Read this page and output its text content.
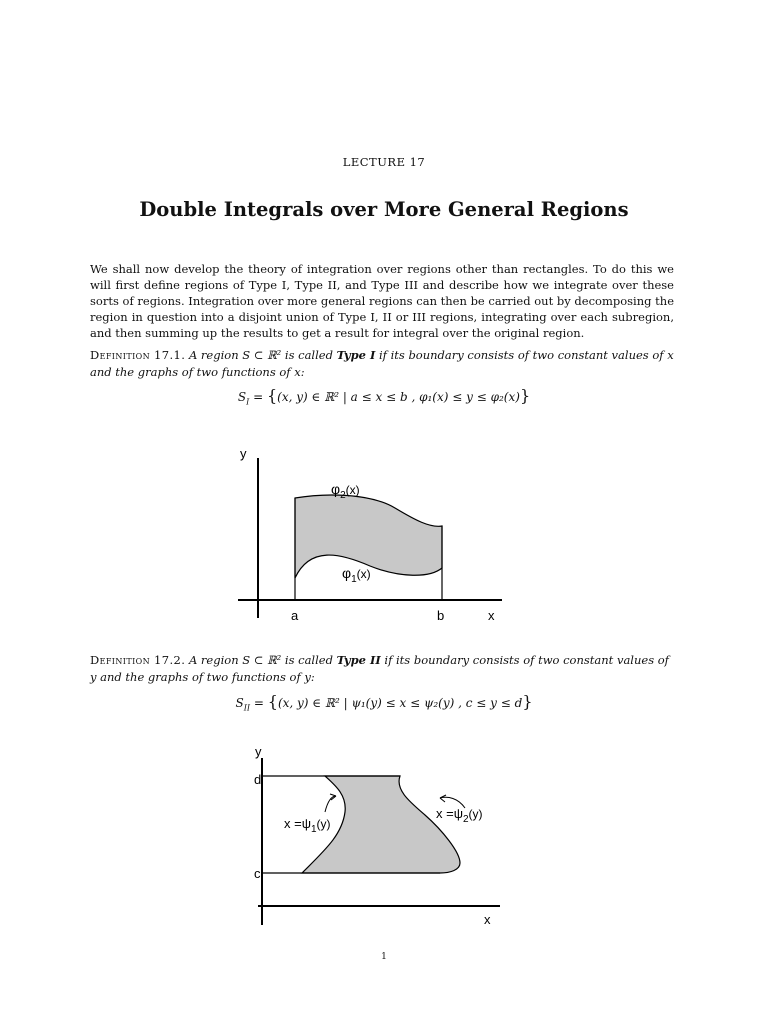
LECTURE 17
Double Integrals over More General Regions
We shall now develop the theory of integration over regions other than rectangles. To do this we will first define regions of Type I, Type II, and Type III and describe how we integrate over these sorts of regions. Integration over more general regions can then be carried out by decomposing the region in question into a disjoint union of Type I, II or III regions, integrating over each subregion, and then summing up the results to get a result for integral over the original region.
Definition 17.1. A region S ⊂ ℝ² is called Type I if its boundary consists of two constant values of x and the graphs of two functions of x:
$S_I = \{(x$, y) ∈ ℝ² | a ≤ x ≤ b , φ₁(x) ≤ y ≤ φ₂(x)}
y
x
a	b
$\varphi_2(x)$
$\varphi_1(x)$
Definition 17.2. A region S ⊂ ℝ² is called Type II if its boundary consists of two constant values of y and the graphs of two functions of y:
$S_{II} = \{(x$, y) ∈ ℝ² | ψ₁(y) ≤ x ≤ ψ₂(y) , c ≤ y ≤ d}
y
x
d
c
$x =\psi_1(y)$
$x =\psi_2(y)$
1
